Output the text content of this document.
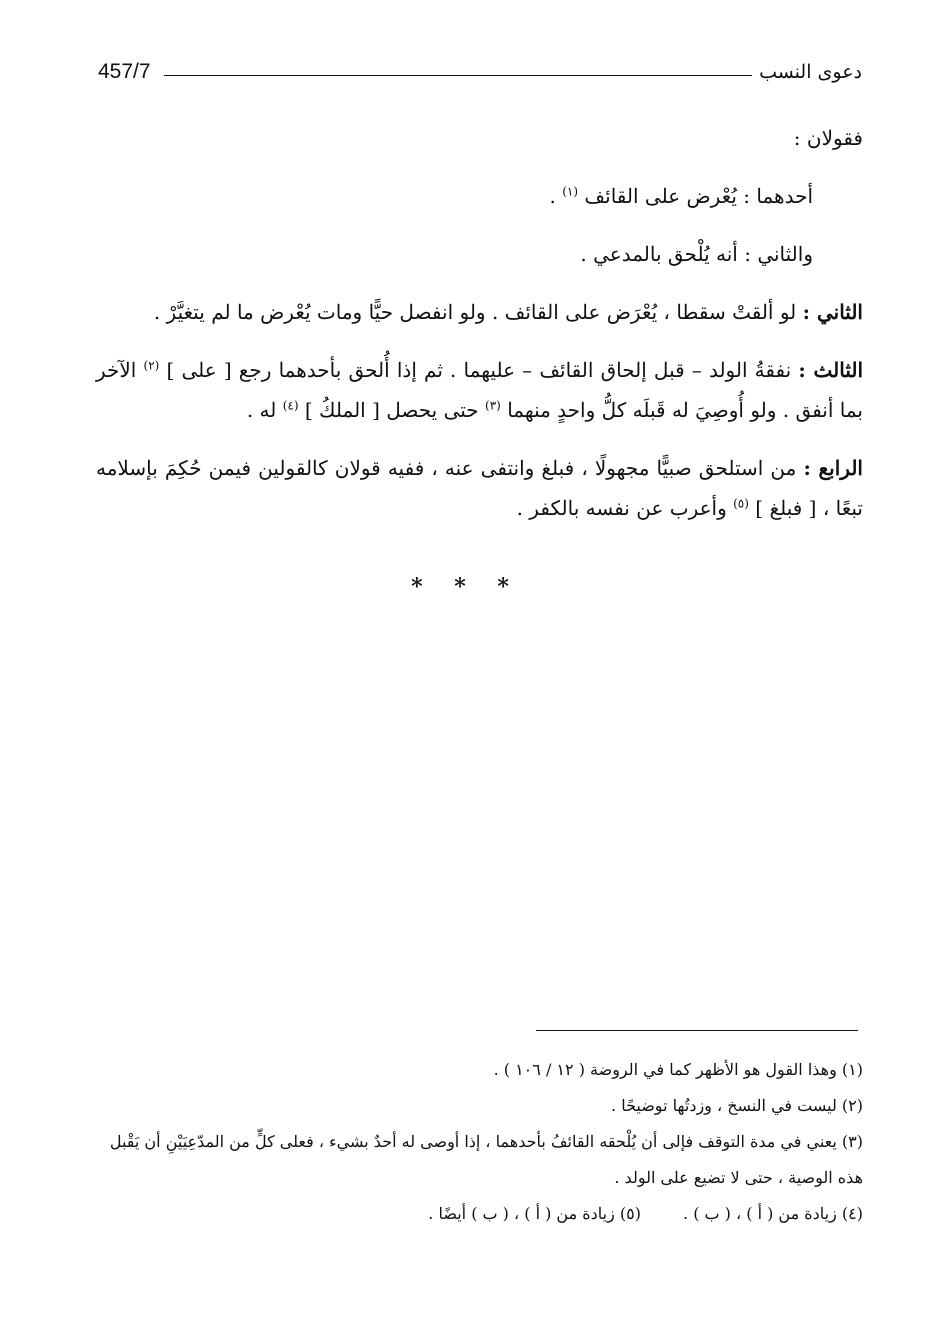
457/7	دعوى النسب

فقولان :

أحدهما : يُعْرض على القائف $^{(١)}$ .

والثاني : أنه يُلْحق بالمدعي .

الثاني : لو ألقتْ سقطا ، يُعْرَض على القائف . ولو انفصل حيًّا ومات يُعْرض ما لم يتغيَّرْ .

الثالث : نفقةُ الولد – قبل إلحاق القائف – عليهما . ثم إذا أُلحق بأحدهما رجع [ على ] $^{(٢)}$ الآخر بما أنفق . ولو أُوصِيَ له قَبلَه كلُّ واحدٍ منهما $^{(٣)}$ حتى يحصل [ الملكُ ] $^{(٤)}$ له .

الرابع : من استلحق صبيًّا مجهولًا ، فبلغ وانتفى عنه ، ففيه قولان كالقولين فيمن حُكِمَ بإسلامه تبعًا ، [ فبلغ ] $^{(٥)}$ وأعرب عن نفسه بالكفر .

* * *

(١) وهذا القول هو الأظهر كما في الروضة ( ١٢ / ١٠٦ ) .

(٢) ليست في النسخ ، وزدتُها توضيحًا .

(٣) يعني في مدة التوقف فإلى أن يُلْحقه القائفُ بأحدهما ، إذا أوصى له أحدٌ بشيء ، فعلى كلٍّ من المدّعِيَيْنِ أن يَقْبل هذه الوصية ، حتى لا تضيع على الولد .

(٤) زيادة من ( أ ) ، ( ب ) .
(٥) زيادة من ( أ ) ، ( ب ) أيضًا .
